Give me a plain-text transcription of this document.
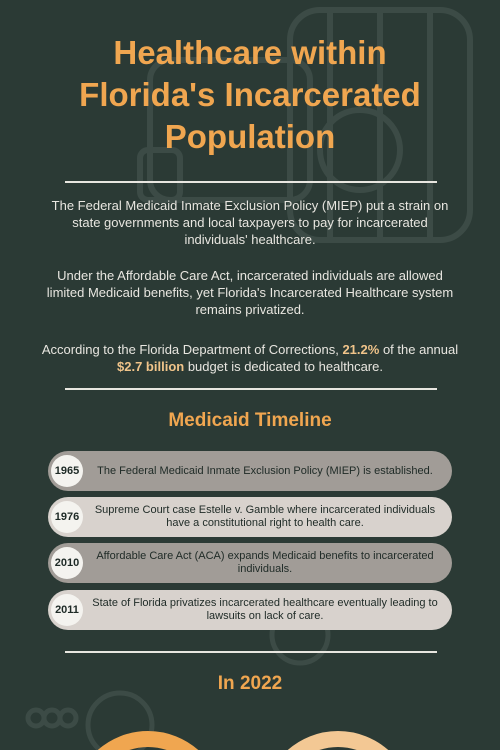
Healthcare within
Florida's Incarcerated
Population

The Federal Medicaid Inmate Exclusion Policy (MIEP) put a strain on state governments and local taxpayers to pay for incarcerated individuals' healthcare.

Under the Affordable Care Act, incarcerated individuals are allowed limited Medicaid benefits, yet Florida's Incarcerated Healthcare system remains privatized.

According to the Florida Department of Corrections, 21.2% of the annual $2.7 billion budget is dedicated to healthcare.

Medicaid Timeline
1965	The Federal Medicaid Inmate Exclusion Policy (MIEP) is established.
1976
Supreme Court case Estelle v. Gamble where incarcerated individuals have a constitutional right to health care.
2010
Affordable Care Act (ACA) expands Medicaid benefits to incarcerated individuals.
2011
State of Florida privatizes incarcerated healthcare eventually leading to lawsuits on lack of care.
In 2022
